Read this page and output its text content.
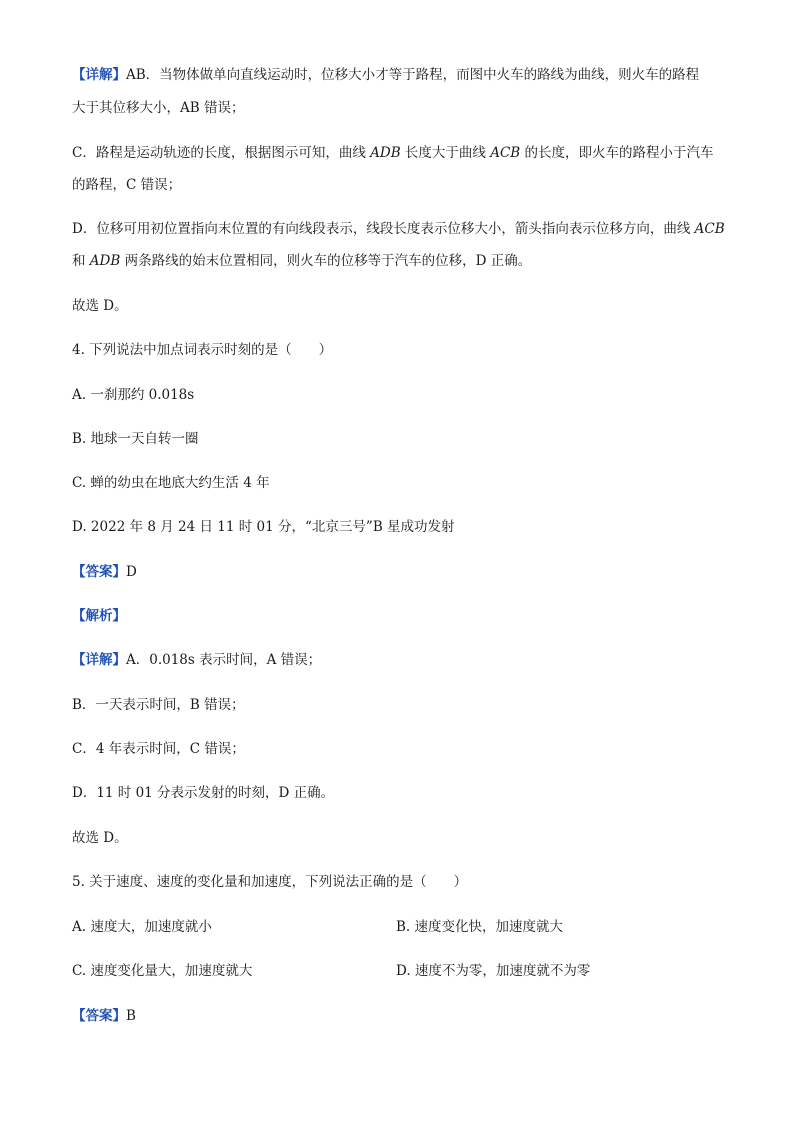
【详解】AB．当物体做单向直线运动时，位移大小才等于路程，而图中火车的路线为曲线，则火车的路程
大于其位移大小，AB 错误；
C．路程是运动轨迹的长度，根据图示可知，曲线 ADB 长度大于曲线 ACB 的长度，即火车的路程小于汽车
的路程，C 错误；
D．位移可用初位置指向末位置的有向线段表示，线段长度表示位移大小，箭头指向表示位移方向，曲线 ACB
和 ADB 两条路线的始末位置相同，则火车的位移等于汽车的位移，D 正确。
故选 D。
4. 下列说法中加点词表示时刻的是（　　）
A. 一刹那约 0.018s
B. 地球一天自转一圈
C. 蝉的幼虫在地底大约生活 4 年
D. 2022 年 8 月 24 日 11 时 01 分，“北京三号”B 星成功发射
【答案】D
【解析】
【详解】A．0.018s 表示时间，A 错误；
B．一天表示时间，B 错误；
C．4 年表示时间，C 错误；
D．11 时 01 分表示发射的时刻，D 正确。
故选 D。
5. 关于速度、速度的变化量和加速度，下列说法正确的是（　　）
A. 速度大，加速度就小	B. 速度变化快，加速度就大
C. 速度变化量大，加速度就大	D. 速度不为零，加速度就不为零
【答案】B
